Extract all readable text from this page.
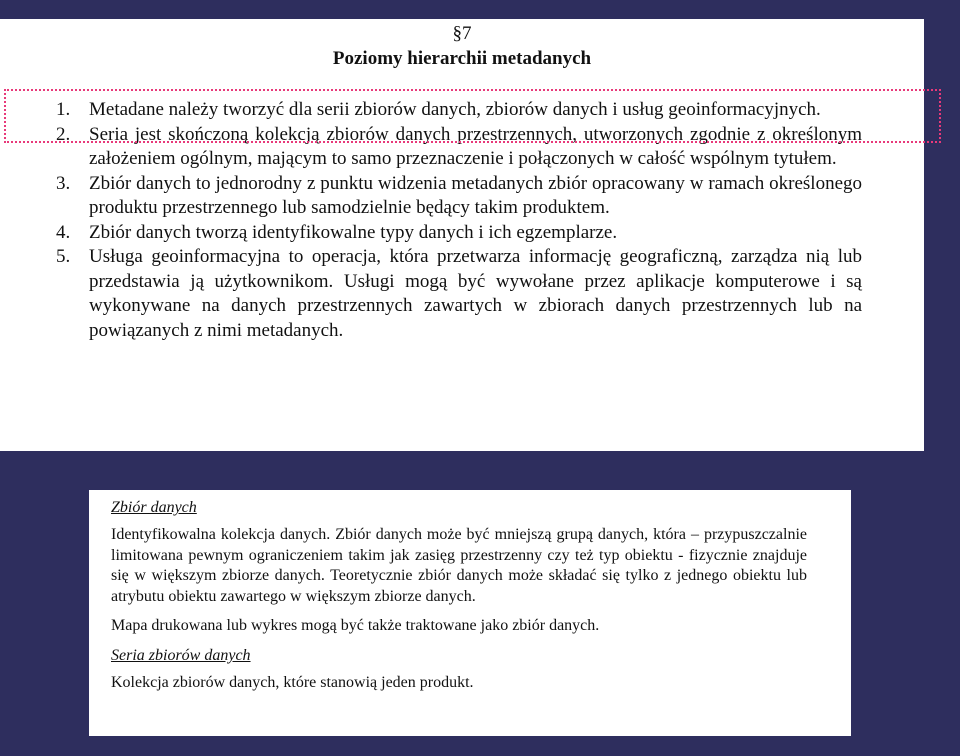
§7
Poziomy hierarchii metadanych
1. Metadane należy tworzyć dla serii zbiorów danych, zbiorów danych i usług geoinformacyjnych.
2. Seria jest skończoną kolekcją zbiorów danych przestrzennych, utworzonych zgodnie z określonym założeniem ogólnym, mającym to samo przeznaczenie i połączonych w całość wspólnym tytułem.
3. Zbiór danych to jednorodny z punktu widzenia metadanych zbiór opracowany w ramach określonego produktu przestrzennego lub samodzielnie będący takim produktem.
4. Zbiór danych tworzą identyfikowalne typy danych i ich egzemplarze.
5. Usługa geoinformacyjna to operacja, która przetwarza informację geograficzną, zarządza nią lub przedstawia ją użytkownikom. Usługi mogą być wywołane przez aplikacje komputerowe i są wykonywane na danych przestrzennych zawartych w zbiorach danych przestrzennych lub na powiązanych z nimi metadanych.

Zbiór danych

Identyfikowalna kolekcja danych. Zbiór danych może być mniejszą grupą danych, która – przypuszczalnie limitowana pewnym ograniczeniem takim jak zasięg przestrzenny czy też typ obiektu - fizycznie znajduje się w większym zbiorze danych. Teoretycznie zbiór danych może składać się tylko z jednego obiektu lub atrybutu obiektu zawartego w większym zbiorze danych.

Mapa drukowana lub wykres mogą być także traktowane jako zbiór danych.

Seria zbiorów danych

Kolekcja zbiorów danych, które stanowią jeden produkt.
